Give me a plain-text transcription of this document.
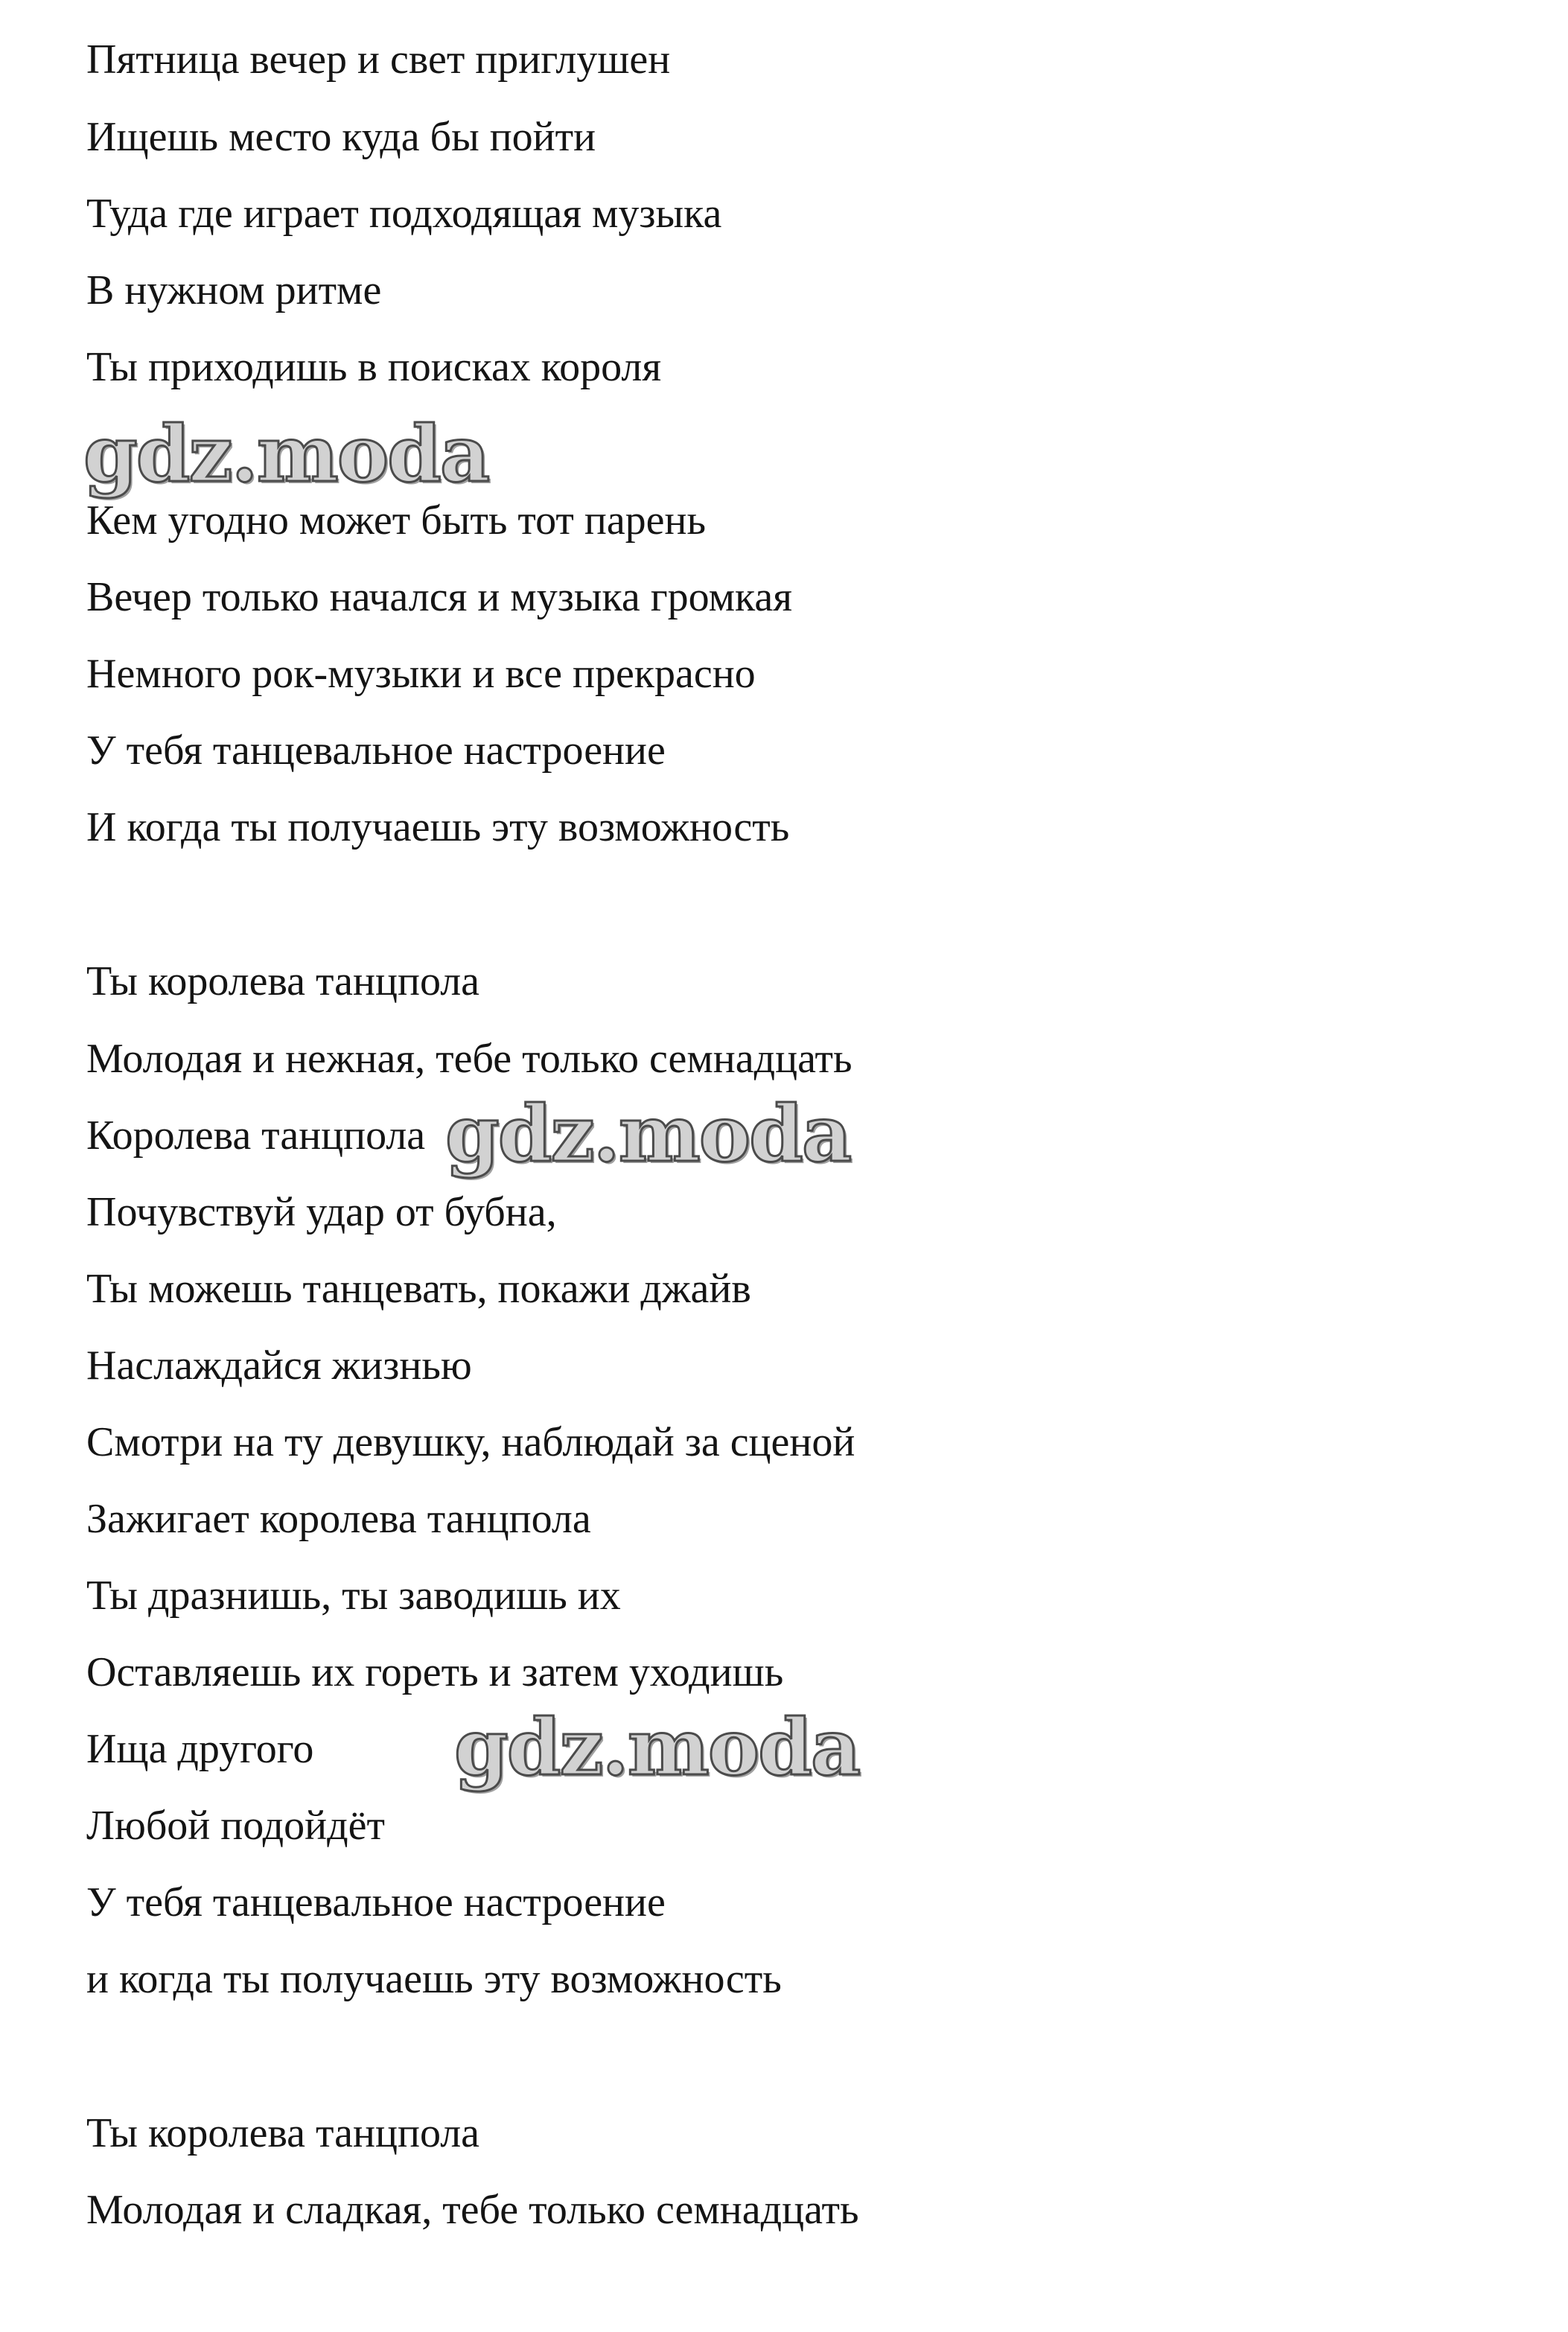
Пятница вечер и свет приглушен

Ищешь место куда бы пойти

Туда где играет подходящая музыка

В нужном ритме

Ты приходишь в поисках короля

Кем угодно может быть тот парень

Вечер только начался и музыка громкая

Немного рок-музыки и все прекрасно

У тебя танцевальное настроение

И когда ты получаешь эту возможность

Ты королева танцпола

Молодая и нежная, тебе только семнадцать

Королева танцпола

Почувствуй удар от бубна,

Ты можешь танцевать, покажи джайв

Наслаждайся жизнью

Смотри на ту девушку, наблюдай за сценой

Зажигает королева танцпола

Ты дразнишь, ты заводишь их

Оставляешь их гореть и затем уходишь

Ища другого

Любой подойдёт

У тебя танцевальное настроение

и когда ты получаешь эту возможность

Ты королева танцпола

Молодая и сладкая, тебе только семнадцать

gdz.moda
gdz.moda
gdz.moda
